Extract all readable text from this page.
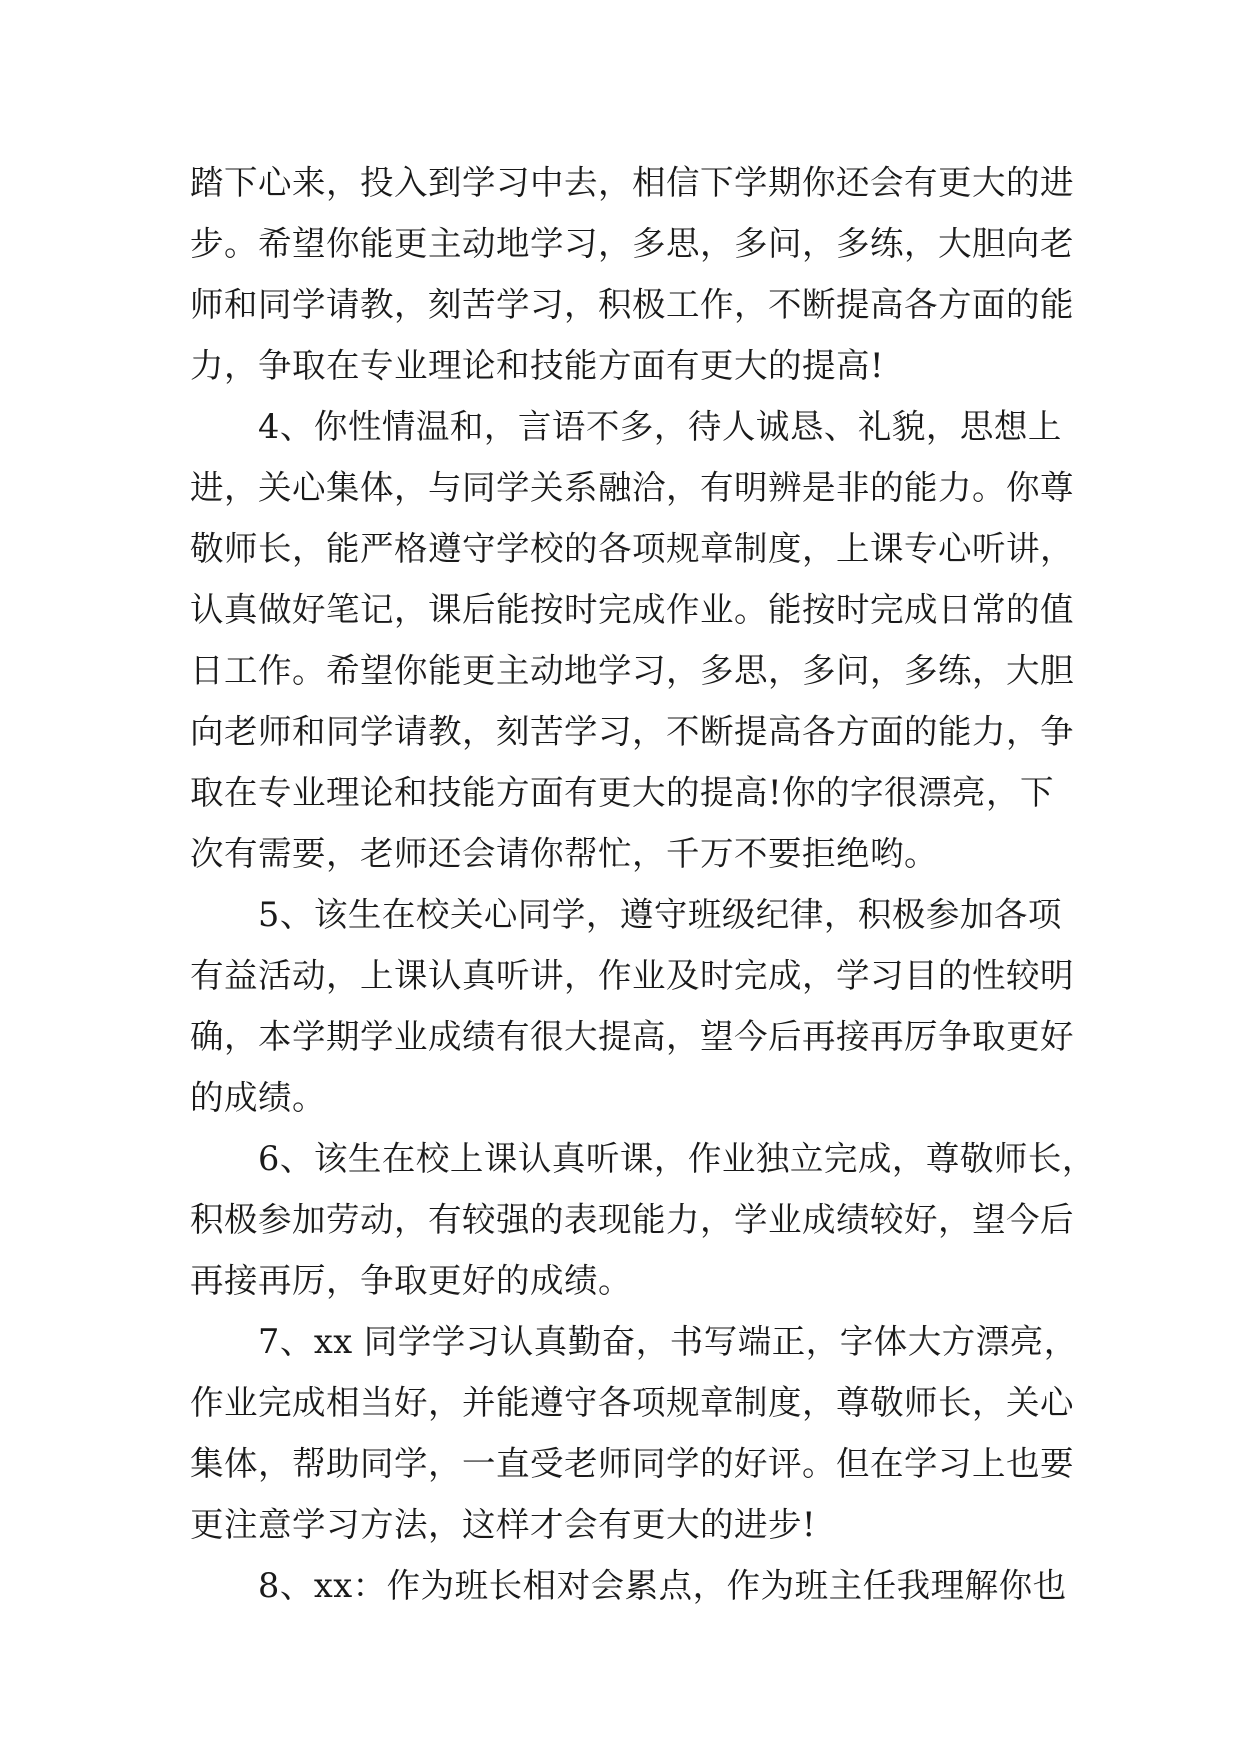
踏下心来，投入到学习中去，相信下学期你还会有更大的进
步。希望你能更主动地学习，多思，多问，多练，大胆向老
师和同学请教，刻苦学习，积极工作，不断提高各方面的能
力，争取在专业理论和技能方面有更大的提高!
　　4、你性情温和，言语不多，待人诚恳、礼貌，思想上
进，关心集体，与同学关系融洽，有明辨是非的能力。你尊
敬师长，能严格遵守学校的各项规章制度，上课专心听讲，
认真做好笔记，课后能按时完成作业。能按时完成日常的值
日工作。希望你能更主动地学习，多思，多问，多练，大胆
向老师和同学请教，刻苦学习，不断提高各方面的能力，争
取在专业理论和技能方面有更大的提高!你的字很漂亮，下
次有需要，老师还会请你帮忙，千万不要拒绝哟。
　　5、该生在校关心同学，遵守班级纪律，积极参加各项
有益活动，上课认真听讲，作业及时完成，学习目的性较明
确，本学期学业成绩有很大提高，望今后再接再厉争取更好
的成绩。
　　6、该生在校上课认真听课，作业独立完成，尊敬师长，
积极参加劳动，有较强的表现能力，学业成绩较好，望今后
再接再厉，争取更好的成绩。
　　7、xx 同学学习认真勤奋，书写端正，字体大方漂亮，
作业完成相当好，并能遵守各项规章制度，尊敬师长，关心
集体，帮助同学，一直受老师同学的好评。但在学习上也要
更注意学习方法，这样才会有更大的进步!
　　8、xx：作为班长相对会累点，作为班主任我理解你也
